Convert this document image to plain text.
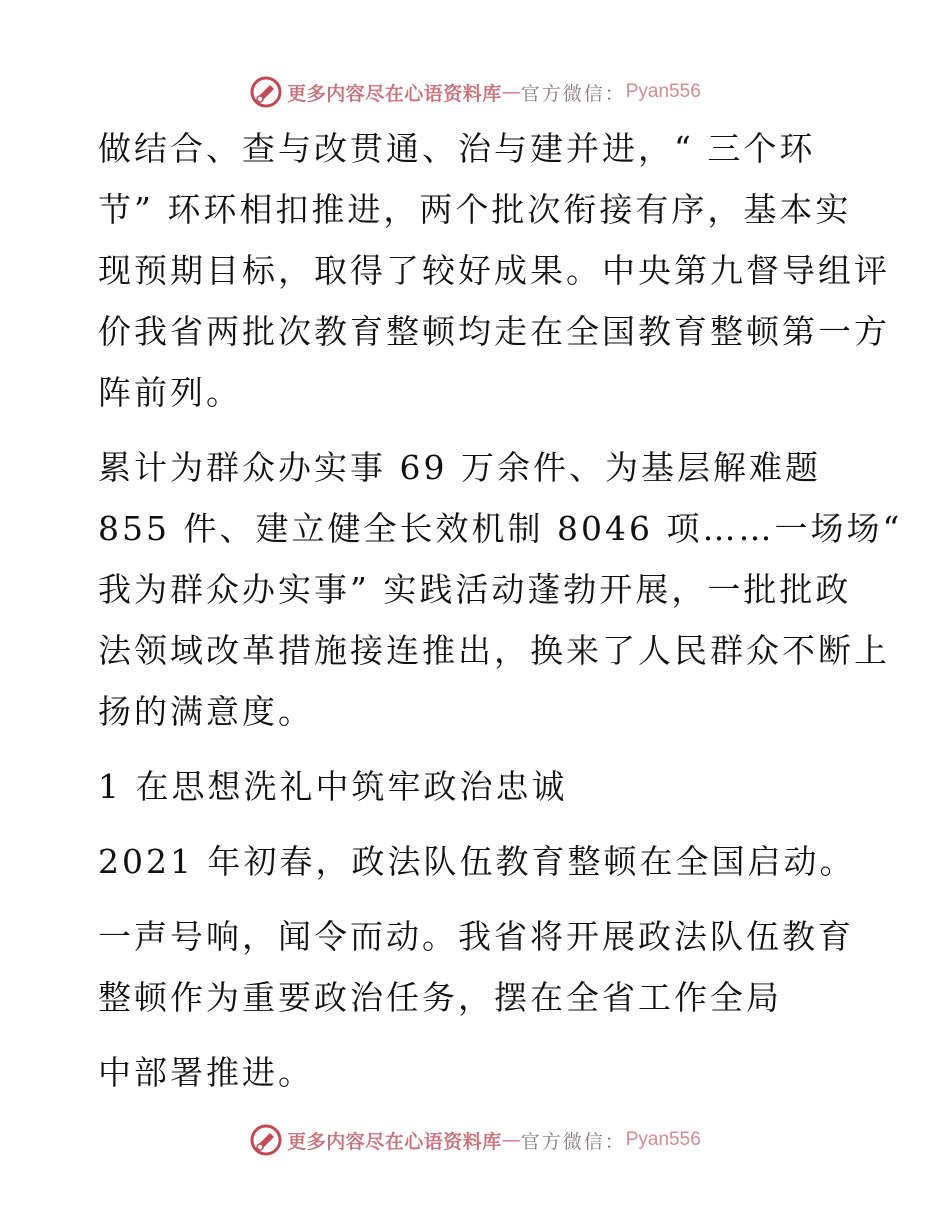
更多内容尽在心语资料库 — 官方微信： Pyan556
做结合、查与改贯通、治与建并进，“ 三个环
节” 环环相扣推进，两个批次衔接有序，基本实
现预期目标，取得了较好成果。中央第九督导组评
价我省两批次教育整顿均走在全国教育整顿第一方
阵前列。
累计为群众办实事 69 万余件、为基层解难题
855 件、建立健全长效机制 8046 项……一场场“
我为群众办实事” 实践活动蓬勃开展，一批批政
法领域改革措施接连推出，换来了人民群众不断上
扬的满意度。
1 在思想洗礼中筑牢政治忠诚
2021 年初春，政法队伍教育整顿在全国启动。
一声号响，闻令而动。我省将开展政法队伍教育
整顿作为重要政治任务，摆在全省工作全局
中部署推进。
更多内容尽在心语资料库 — 官方微信： Pyan556
